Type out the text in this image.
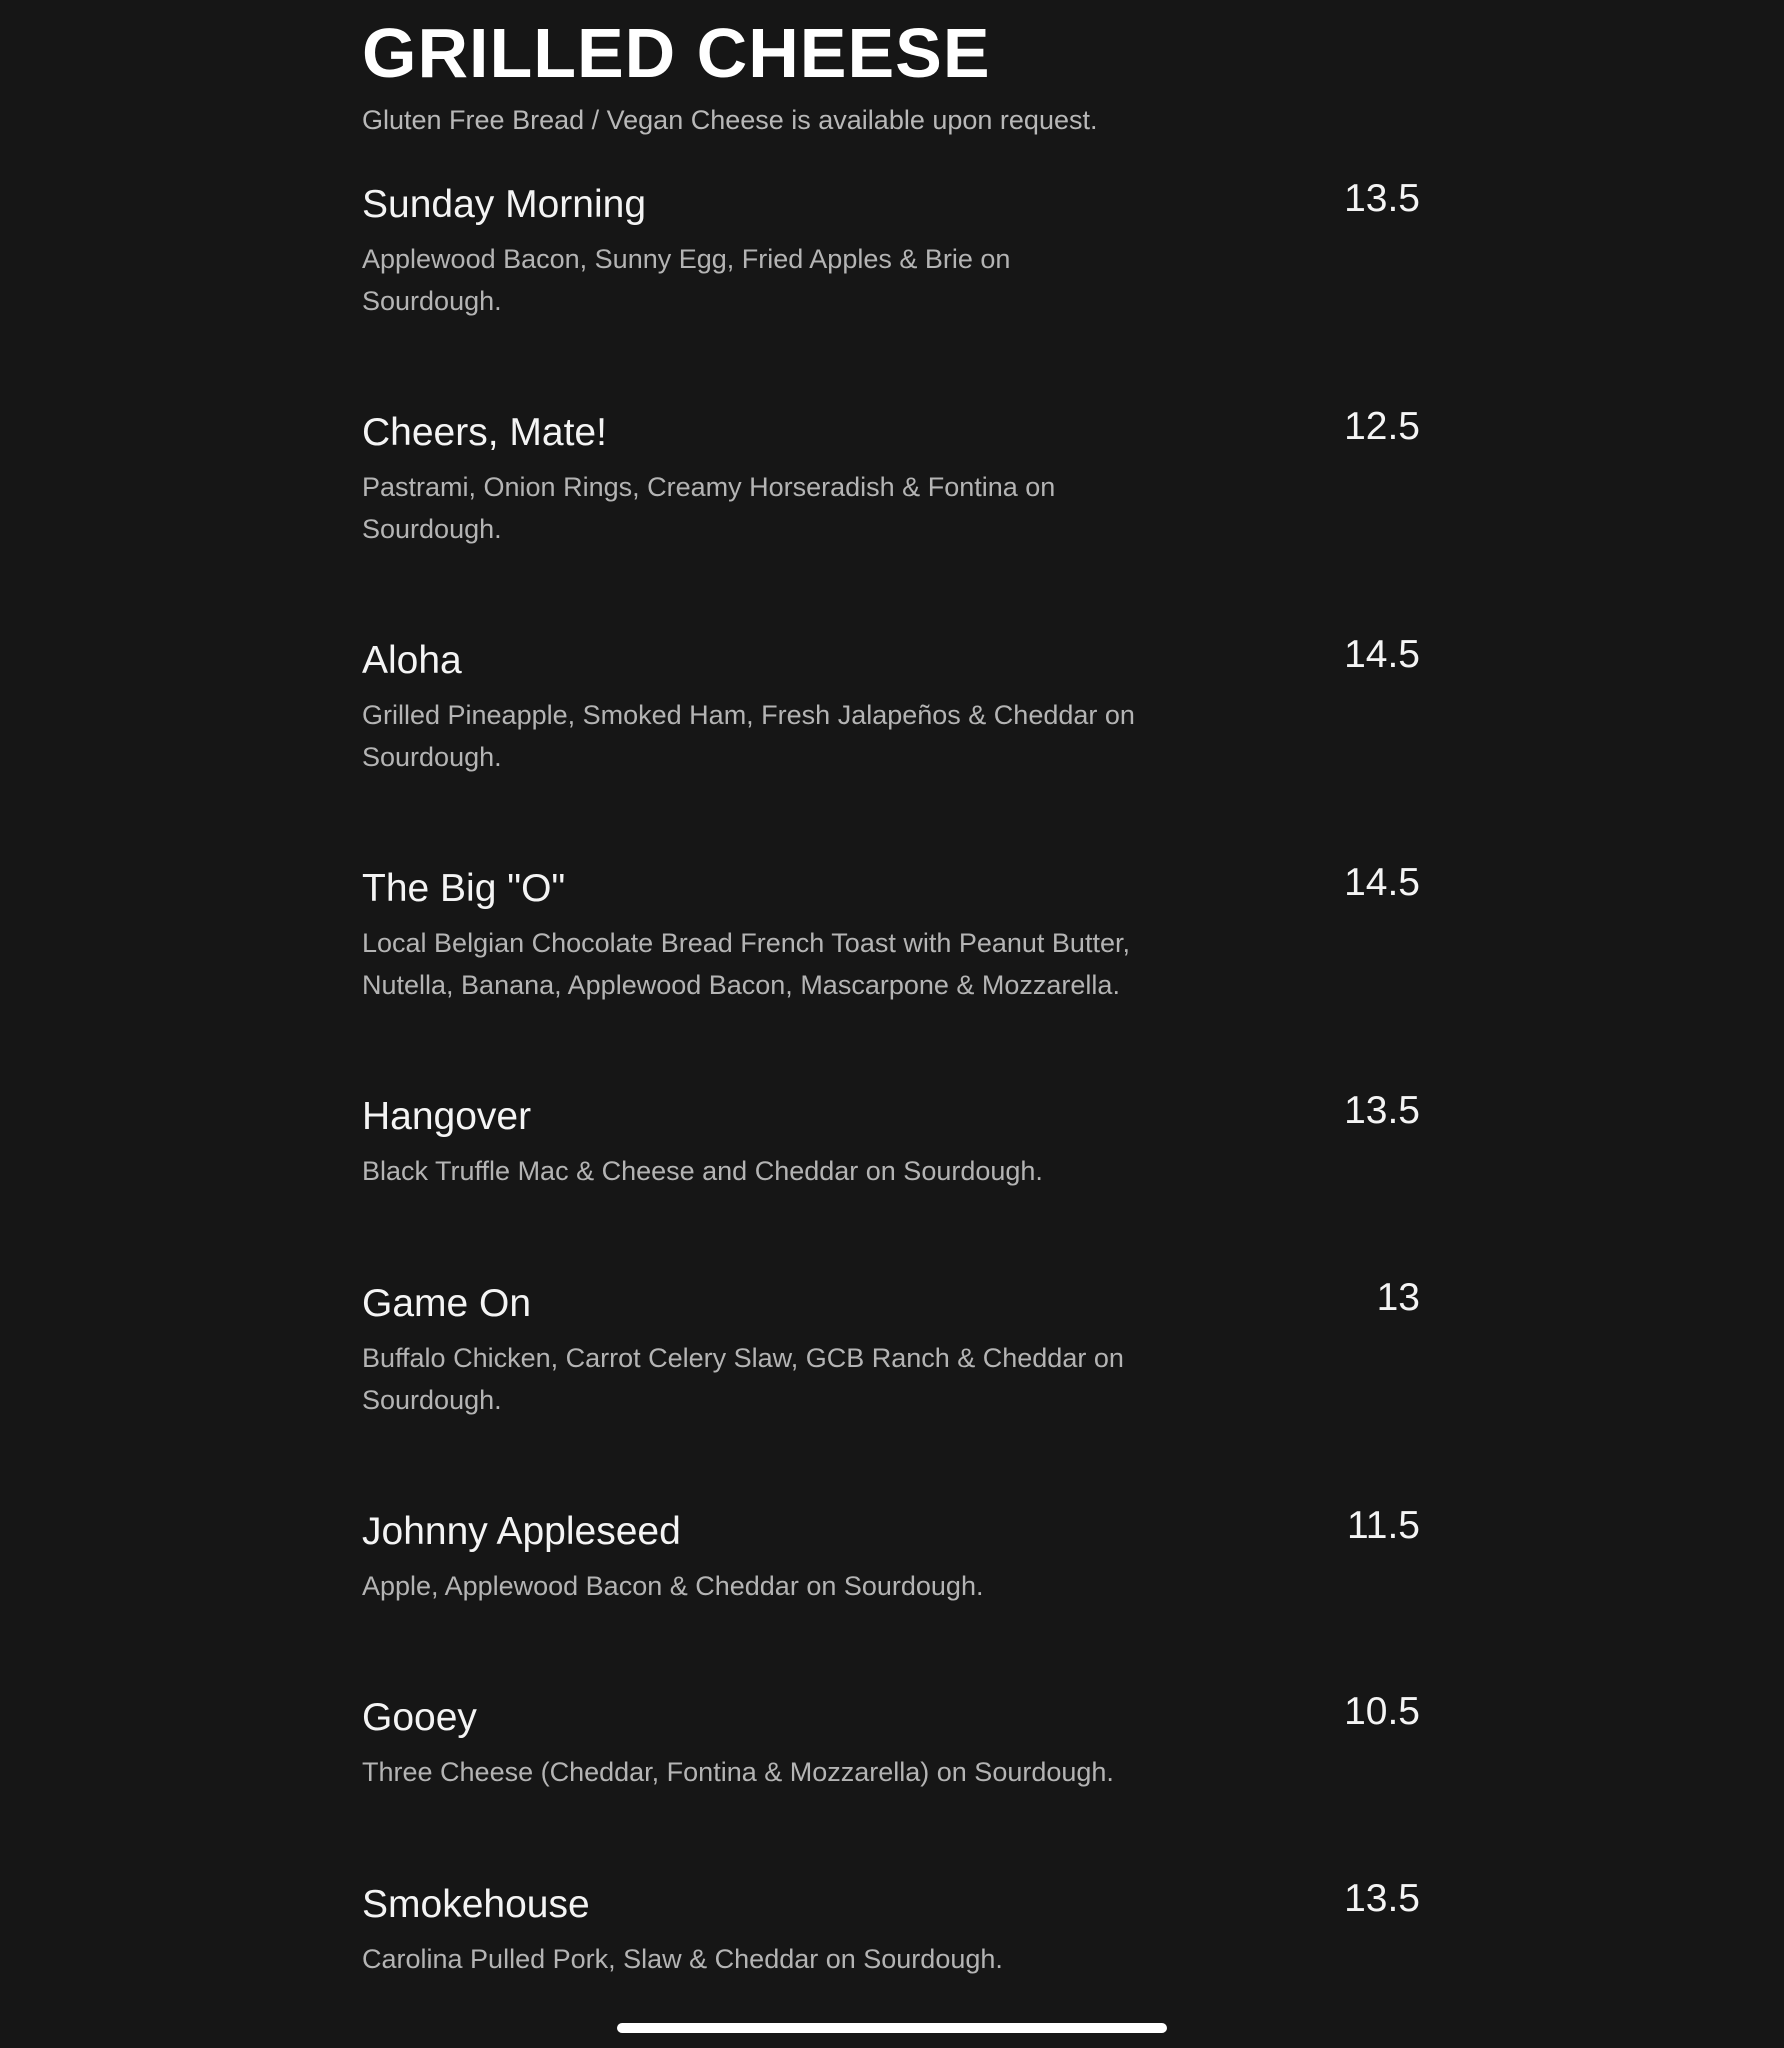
GRILLED CHEESE

Gluten Free Bread / Vegan Cheese is available upon request.

Sunday Morning	13.5
Applewood Bacon, Sunny Egg, Fried Apples & Brie on Sourdough.
Cheers, Mate!	12.5
Pastrami, Onion Rings, Creamy Horseradish & Fontina on Sourdough.
Aloha	14.5
Grilled Pineapple, Smoked Ham, Fresh Jalapeños & Cheddar on Sourdough.
The Big "O"	14.5
Local Belgian Chocolate Bread French Toast with Peanut Butter, Nutella, Banana, Applewood Bacon, Mascarpone & Mozzarella.
Hangover	13.5
Black Truffle Mac & Cheese and Cheddar on Sourdough.
Game On	13
Buffalo Chicken, Carrot Celery Slaw, GCB Ranch & Cheddar on Sourdough.
Johnny Appleseed	11.5
Apple, Applewood Bacon & Cheddar on Sourdough.
Gooey	10.5
Three Cheese (Cheddar, Fontina & Mozzarella) on Sourdough.
Smokehouse	13.5
Carolina Pulled Pork, Slaw & Cheddar on Sourdough.
